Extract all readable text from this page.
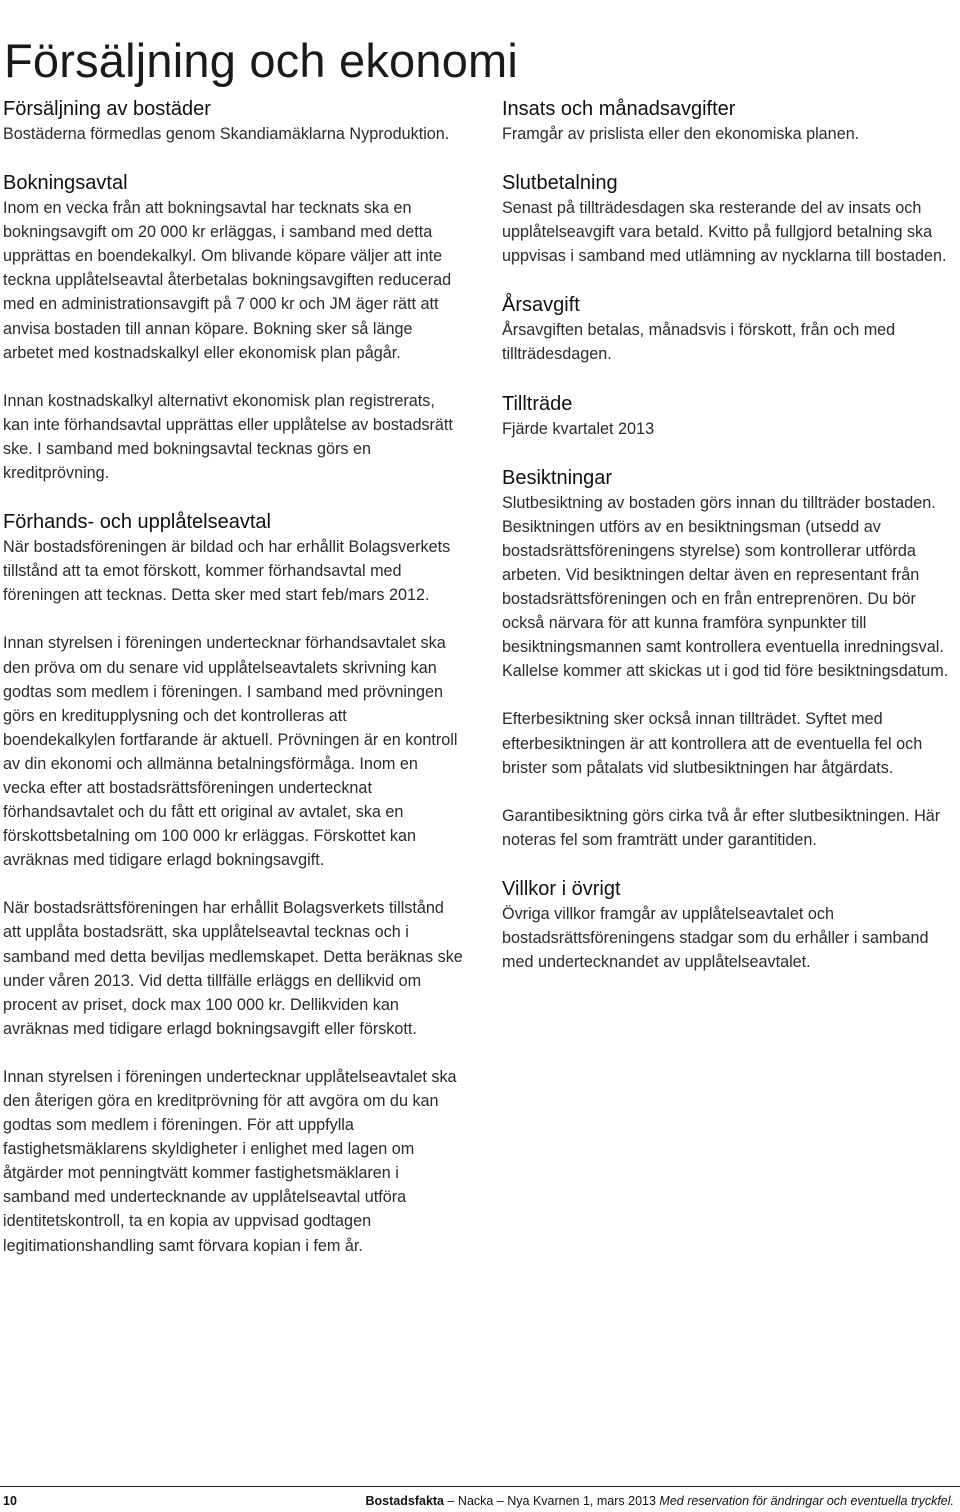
Försäljning och ekonomi
Försäljning av bostäder

Bostäderna förmedlas genom Skandiamäklarna Nyproduktion.

Bokningsavtal

Inom en vecka från att bokningsavtal har tecknats ska en bokningsavgift om 20 000 kr erläggas, i samband med detta upprättas en boendekalkyl. Om blivande köpare väljer att inte teckna upplåtelseavtal återbetalas bokningsavgiften reducerad med en administrationsavgift på 7 000 kr och JM äger rätt att anvisa bostaden till annan köpare. Bokning sker så länge arbetet med kostnadskalkyl eller ekonomisk plan pågår.

Innan kostnadskalkyl alternativt ekonomisk plan registrerats, kan inte förhandsavtal upprättas eller upplåtelse av bostadsrätt ske. I samband med bokningsavtal tecknas görs en kreditprövning.

Förhands- och upplåtelseavtal

När bostadsföreningen är bildad och har erhållit Bolagsverkets tillstånd att ta emot förskott, kommer förhandsavtal med föreningen att tecknas. Detta sker med start feb/mars 2012.

Innan styrelsen i föreningen undertecknar förhandsavtalet ska den pröva om du senare vid upplåtelseavtalets skrivning kan godtas som medlem i föreningen. I samband med prövningen görs en kreditupplysning och det kontrolleras att boendekalkylen fortfarande är aktuell. Prövningen är en kontroll av din ekonomi och allmänna betalningsförmåga. Inom en vecka efter att bostadsrättsföreningen undertecknat förhandsavtalet och du fått ett original av avtalet, ska en förskottsbetalning om 100 000 kr erläggas. Förskottet kan avräknas med tidigare erlagd bokningsavgift.

När bostadsrättsföreningen har erhållit Bolagsverkets tillstånd att upplåta bostadsrätt, ska upplåtelseavtal tecknas och i samband med detta beviljas medlemskapet. Detta beräknas ske under våren 2013. Vid detta tillfälle erläggs en dellikvid om procent av priset, dock max 100 000 kr. Dellikviden kan avräknas med tidigare erlagd bokningsavgift eller förskott.

Innan styrelsen i föreningen undertecknar upplåtelseavtalet ska den återigen göra en kreditprövning för att avgöra om du kan godtas som medlem i föreningen. För att uppfylla fastighetsmäklarens skyldigheter i enlighet med lagen om åtgärder mot penningtvätt kommer fastighetsmäklaren i samband med undertecknande av upplåtelseavtal utföra identitetskontroll, ta en kopia av uppvisad godtagen legitimationshandling samt förvara kopian i fem år.

Insats och månadsavgifter

Framgår av prislista eller den ekonomiska planen.

Slutbetalning

Senast på tillträdesdagen ska resterande del av insats och upplåtelseavgift vara betald. Kvitto på fullgjord betalning ska uppvisas i samband med utlämning av nycklarna till bostaden.

Årsavgift

Årsavgiften betalas, månadsvis i förskott, från och med tillträdesdagen.

Tillträde

Fjärde kvartalet 2013

Besiktningar

Slutbesiktning av bostaden görs innan du tillträder bostaden. Besiktningen utförs av en besiktningsman (utsedd av bostadsrättsföreningens styrelse) som kontrollerar utförda arbeten. Vid besiktningen deltar även en representant från bostadsrättsföreningen och en från entreprenören. Du bör också närvara för att kunna framföra synpunkter till besiktningsmannen samt kontrollera eventuella inredningsval. Kallelse kommer att skickas ut i god tid före besiktningsdatum.

Efterbesiktning sker också innan tillträdet. Syftet med efterbesiktningen är att kontrollera att de eventuella fel och brister som påtalats vid slutbesiktningen har åtgärdats.

Garantibesiktning görs cirka två år efter slutbesiktningen. Här noteras fel som framträtt under garantitiden.

Villkor i övrigt

Övriga villkor framgår av upplåtelseavtalet och bostadsrättsföreningens stadgar som du erhåller i samband med undertecknandet av upplåtelseavtalet.

10	Bostadsfakta – Nacka – Nya Kvarnen 1, mars 2013 Med reservation för ändringar och eventuella tryckfel.
